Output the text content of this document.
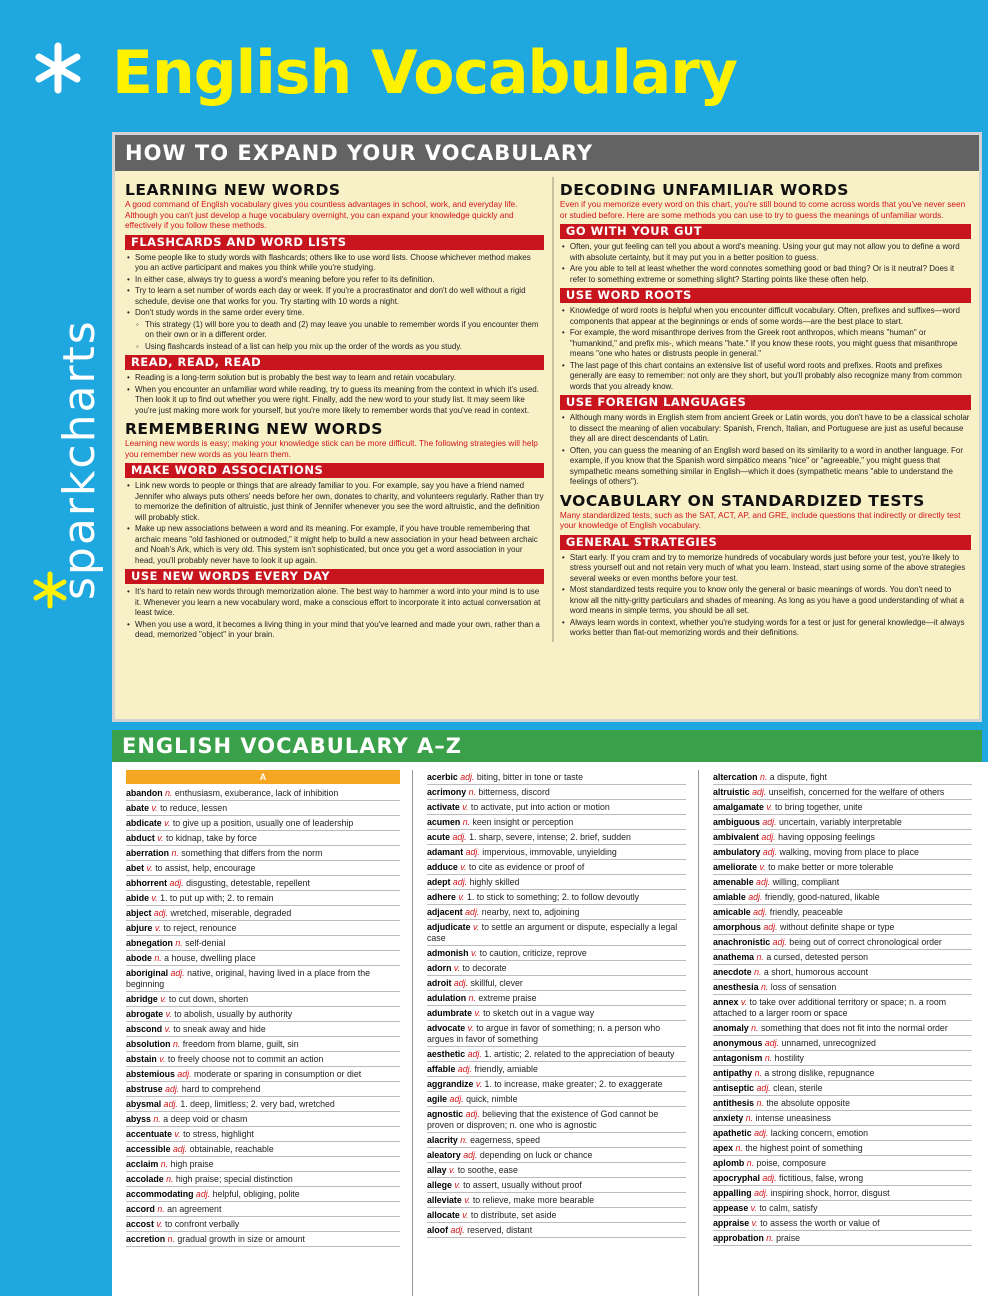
English Vocabulary
sparkcharts
HOW TO EXPAND YOUR VOCABULARY
LEARNING NEW WORDS
A good command of English vocabulary gives you countless advantages in school, work, and everyday life. Although you can't just develop a huge vocabulary overnight, you can expand your knowledge quickly and effectively if you follow these methods.
FLASHCARDS AND WORD LISTS
• Some people like to study words with flashcards; others like to use word lists. Choose whichever method makes you an active participant and makes you think while you're studying.
• In either case, always try to guess a word's meaning before you refer to its definition.
• Try to learn a set number of words each day or week. If you're a procrastinator and don't do well without a rigid schedule, devise one that works for you. Try starting with 10 words a night.
• Don't study words in the same order every time.
◦ This strategy (1) will bore you to death and (2) may leave you unable to remember words if you encounter them on their own or in a different order.
◦ Using flashcards instead of a list can help you mix up the order of the words as you study.
READ, READ, READ
• Reading is a long-term solution but is probably the best way to learn and retain vocabulary.
• When you encounter an unfamiliar word while reading, try to guess its meaning from the context in which it's used. Then look it up to find out whether you were right. Finally, add the new word to your study list. It may seem like you're just making more work for yourself, but you're more likely to remember words that you've read in context.
REMEMBERING NEW WORDS
Learning new words is easy; making your knowledge stick can be more difficult. The following strategies will help you remember new words as you learn them.
MAKE WORD ASSOCIATIONS
• Link new words to people or things that are already familiar to you. For example, say you have a friend named Jennifer who always puts others' needs before her own, donates to charity, and volunteers regularly. Rather than try to memorize the definition of altruistic, just think of Jennifer whenever you see the word altruistic, and the definition will probably stick.
• Make up new associations between a word and its meaning. For example, if you have trouble remembering that archaic means "old fashioned or outmoded," it might help to build a new association in your head between archaic and Noah's Ark, which is very old. This system isn't sophisticated, but once you get a word association in your head, you'll probably never have to look it up again.
USE NEW WORDS EVERY DAY
• It's hard to retain new words through memorization alone. The best way to hammer a word into your mind is to use it. Whenever you learn a new vocabulary word, make a conscious effort to incorporate it into actual conversation at least twice.
• When you use a word, it becomes a living thing in your mind that you've learned and made your own, rather than a dead, memorized "object" in your brain.
DECODING UNFAMILIAR WORDS
Even if you memorize every word on this chart, you're still bound to come across words that you've never seen or studied before. Here are some methods you can use to try to guess the meanings of unfamiliar words.
GO WITH YOUR GUT
• Often, your gut feeling can tell you about a word's meaning. Using your gut may not allow you to define a word with absolute certainty, but it may put you in a better position to guess.
• Are you able to tell at least whether the word connotes something good or bad thing? Or is it neutral? Does it refer to something extreme or something slight? Starting points like these often help.
USE WORD ROOTS
• Knowledge of word roots is helpful when you encounter difficult vocabulary. Often, prefixes and suffixes—word components that appear at the beginnings or ends of some words—are the best place to start.
• For example, the word misanthrope derives from the Greek root anthropos, which means "human" or "humankind," and prefix mis-, which means "hate." If you know these roots, you might guess that misanthrope means "one who hates or distrusts people in general."
• The last page of this chart contains an extensive list of useful word roots and prefixes. Roots and prefixes generally are easy to remember: not only are they short, but you'll probably also recognize many from common words that you already know.
USE FOREIGN LANGUAGES
• Although many words in English stem from ancient Greek or Latin words, you don't have to be a classical scholar to dissect the meaning of alien vocabulary: Spanish, French, Italian, and Portuguese are just as useful because they all are direct descendants of Latin.
• Often, you can guess the meaning of an English word based on its similarity to a word in another language. For example, if you know that the Spanish word simpático means "nice" or "agreeable," you might guess that sympathetic means something similar in English—which it does (sympathetic means "able to understand the feelings of others").
VOCABULARY ON STANDARDIZED TESTS
Many standardized tests, such as the SAT, ACT, AP, and GRE, include questions that indirectly or directly test your knowledge of English vocabulary.
GENERAL STRATEGIES
• Start early. If you cram and try to memorize hundreds of vocabulary words just before your test, you're likely to stress yourself out and not retain very much of what you learn. Instead, start using some of the above strategies several weeks or even months before your test.
• Most standardized tests require you to know only the general or basic meanings of words. You don't need to know all the nitty-gritty particulars and shades of meaning. As long as you have a good understanding of what a word means in simple terms, you should be all set.
• Always learn words in context, whether you're studying words for a test or just for general knowledge—it always works better than flat-out memorizing words and their definitions.
ENGLISH VOCABULARY A–Z
A
abandon n. enthusiasm, exuberance, lack of inhibition
abate v. to reduce, lessen
abdicate v. to give up a position, usually one of leadership
abduct v. to kidnap, take by force
aberration n. something that differs from the norm
abet v. to assist, help, encourage
abhorrent adj. disgusting, detestable, repellent
abide v. 1. to put up with; 2. to remain
abject adj. wretched, miserable, degraded
abjure v. to reject, renounce
abnegation n. self-denial
abode n. a house, dwelling place
aboriginal adj. native, original, having lived in a place from the beginning
abridge v. to cut down, shorten
abrogate v. to abolish, usually by authority
abscond v. to sneak away and hide
absolution n. freedom from blame, guilt, sin
abstain v. to freely choose not to commit an action
abstemious adj. moderate or sparing in consumption or diet
abstruse adj. hard to comprehend
abysmal adj. 1. deep, limitless; 2. very bad, wretched
abyss n. a deep void or chasm
accentuate v. to stress, highlight
accessible adj. obtainable, reachable
acclaim n. high praise
accolade n. high praise; special distinction
accommodating adj. helpful, obliging, polite
accord n. an agreement
accost v. to confront verbally
accretion n. gradual growth in size or amount
acerbic adj. biting, bitter in tone or taste
acrimony n. bitterness, discord
activate v. to activate, put into action or motion
acumen n. keen insight or perception
acute adj. 1. sharp, severe, intense; 2. brief, sudden
adamant adj. impervious, immovable, unyielding
adduce v. to cite as evidence or proof of
adept adj. highly skilled
adhere v. 1. to stick to something; 2. to follow devoutly
adjacent adj. nearby, next to, adjoining
adjudicate v. to settle an argument or dispute, especially a legal case
admonish v. to caution, criticize, reprove
adorn v. to decorate
adroit adj. skillful, clever
adulation n. extreme praise
adumbrate v. to sketch out in a vague way
advocate v. to argue in favor of something; n. a person who argues in favor of something
aesthetic adj. 1. artistic; 2. related to the appreciation of beauty
affable adj. friendly, amiable
aggrandize v. 1. to increase, make greater; 2. to exaggerate
agile adj. quick, nimble
agnostic adj. believing that the existence of God cannot be proven or disproven; n. one who is agnostic
alacrity n. eagerness, speed
aleatory adj. depending on luck or chance
allay v. to soothe, ease
allege v. to assert, usually without proof
alleviate v. to relieve, make more bearable
allocate v. to distribute, set aside
aloof adj. reserved, distant
altercation n. a dispute, fight
altruistic adj. unselfish, concerned for the welfare of others
amalgamate v. to bring together, unite
ambiguous adj. uncertain, variably interpretable
ambivalent adj. having opposing feelings
ambulatory adj. walking, moving from place to place
ameliorate v. to make better or more tolerable
amenable adj. willing, compliant
amiable adj. friendly, good-natured, likable
amicable adj. friendly, peaceable
amorphous adj. without definite shape or type
anachronistic adj. being out of correct chronological order
anathema n. a cursed, detested person
anecdote n. a short, humorous account
anesthesia n. loss of sensation
annex v. to take over additional territory or space; n. a room attached to a larger room or space
anomaly n. something that does not fit into the normal order
anonymous adj. unnamed, unrecognized
antagonism n. hostility
antipathy n. a strong dislike, repugnance
antiseptic adj. clean, sterile
antithesis n. the absolute opposite
anxiety n. intense uneasiness
apathetic adj. lacking concern, emotion
apex n. the highest point of something
aplomb n. poise, composure
apocryphal adj. fictitious, false, wrong
appalling adj. inspiring shock, horror, disgust
appease v. to calm, satisfy
appraise v. to assess the worth or value of
approbation n. praise
